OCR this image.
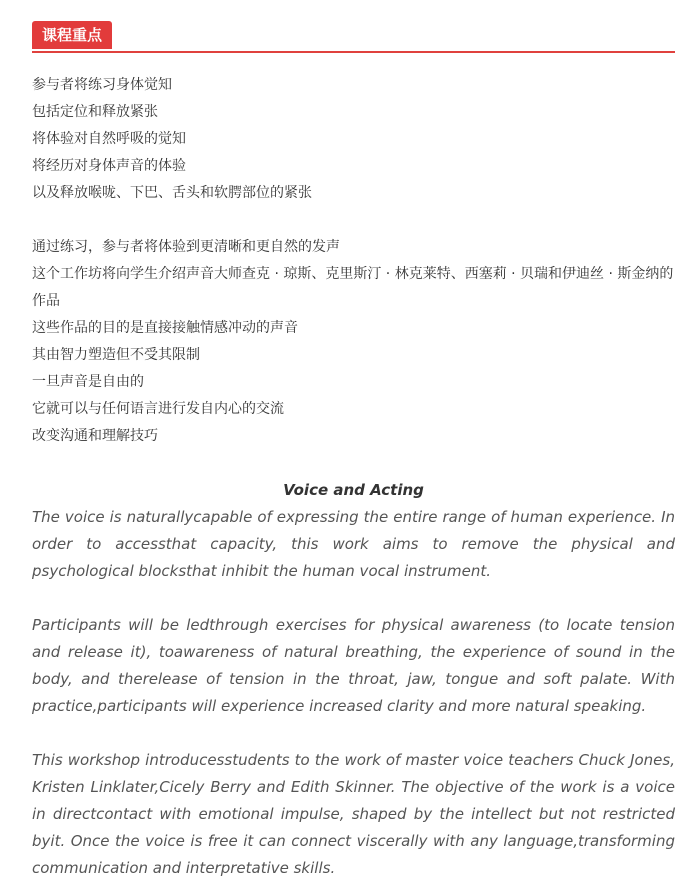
课程重点
参与者将练习身体觉知
包括定位和释放紧张
将体验对自然呼吸的觉知
将经历对身体声音的体验
以及释放喉咙、下巴、舌头和软腭部位的紧张
通过练习，参与者将体验到更清晰和更自然的发声
这个工作坊将向学生介绍声音大师查克 · 琼斯、克里斯汀 · 林克莱特、西塞莉 · 贝瑞和伊迪丝 · 斯金纳的作品
这些作品的目的是直接接触情感冲动的声音
其由智力塑造但不受其限制
一旦声音是自由的
它就可以与任何语言进行发自内心的交流
改变沟通和理解技巧
Voice and Acting

The voice is naturallycapable of expressing the entire range of human experience. In order to accessthat capacity, this work aims to remove the physical and psychological blocksthat inhibit the human vocal instrument.

Participants will be ledthrough exercises for physical awareness (to locate tension and release it), toawareness of natural breathing, the experience of sound in the body, and therelease of tension in the throat, jaw, tongue and soft palate. With practice,participants will experience increased clarity and more natural speaking.

This workshop introducesstudents to the work of master voice teachers Chuck Jones, Kristen Linklater,Cicely Berry and Edith Skinner. The objective of the work is a voice in directcontact with emotional impulse, shaped by the intellect but not restricted byit. Once the voice is free it can connect viscerally with any language,transforming communication and interpretative skills.
